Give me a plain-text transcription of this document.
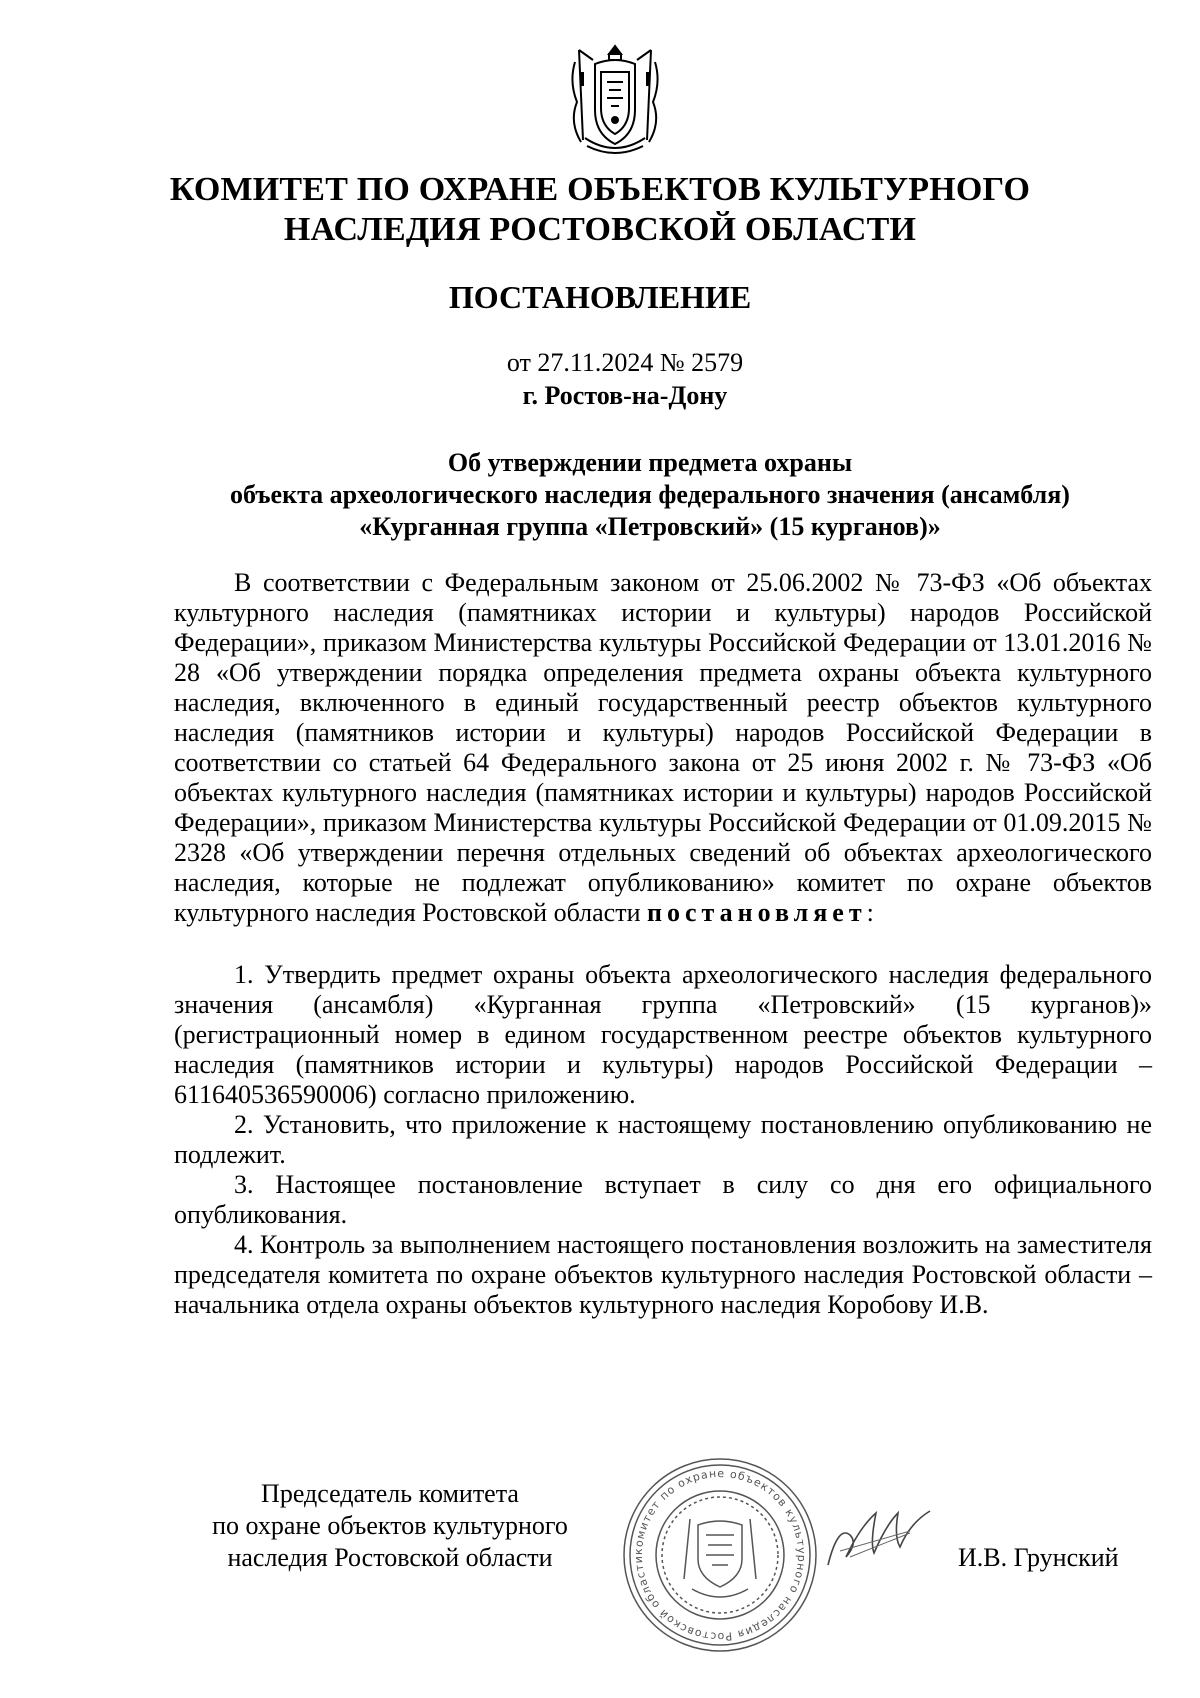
КОМИТЕТ ПО ОХРАНЕ ОБЪЕКТОВ КУЛЬТУРНОГО
НАСЛЕДИЯ РОСТОВСКОЙ ОБЛАСТИ
ПОСТАНОВЛЕНИЕ
от 27.11.2024 № 2579
г. Ростов-на-Дону
Об утверждении предмета охраны
объекта археологического наследия федерального значения (ансамбля)
«Курганная группа «Петровский» (15 курганов)»

В соответствии с Федеральным законом от 25.06.2002 № 73-ФЗ «Об объектах культурного наследия (памятниках истории и культуры) народов Российской Федерации», приказом Министерства культуры Российской Федерации от 13.01.2016 № 28 «Об утверждении порядка определения предмета охраны объекта культурного наследия, включенного в единый государственный реестр объектов культурного наследия (памятников истории и культуры) народов Российской Федерации в соответствии со статьей 64 Федерального закона от 25 июня 2002 г. № 73-ФЗ «Об объектах культурного наследия (памятниках истории и культуры) народов Российской Федерации», приказом Министерства культуры Российской Федерации от 01.09.2015 № 2328 «Об утверждении перечня отдельных сведений об объектах археологического наследия, которые не подлежат опубликованию» комитет по охране объектов культурного наследия Ростовской области постановляет:

1. Утвердить предмет охраны объекта археологического наследия федерального значения (ансамбля) «Курганная группа «Петровский» (15 курганов)» (регистрационный номер в едином государственном реестре объектов культурного наследия (памятников истории и культуры) народов Российской Федерации – 611640536590006) согласно приложению.

2. Установить, что приложение к настоящему постановлению опубликованию не подлежит.

3. Настоящее постановление вступает в силу со дня его официального опубликования.

4. Контроль за выполнением настоящего постановления возложить на заместителя председателя комитета по охране объектов культурного наследия Ростовской области – начальника отдела охраны объектов культурного наследия Коробову И.В.

Председатель комитета
по охране объектов культурного
наследия Ростовской области	комитет по охране объектов культурного наследия Ростовской области	И.В. Грунский
